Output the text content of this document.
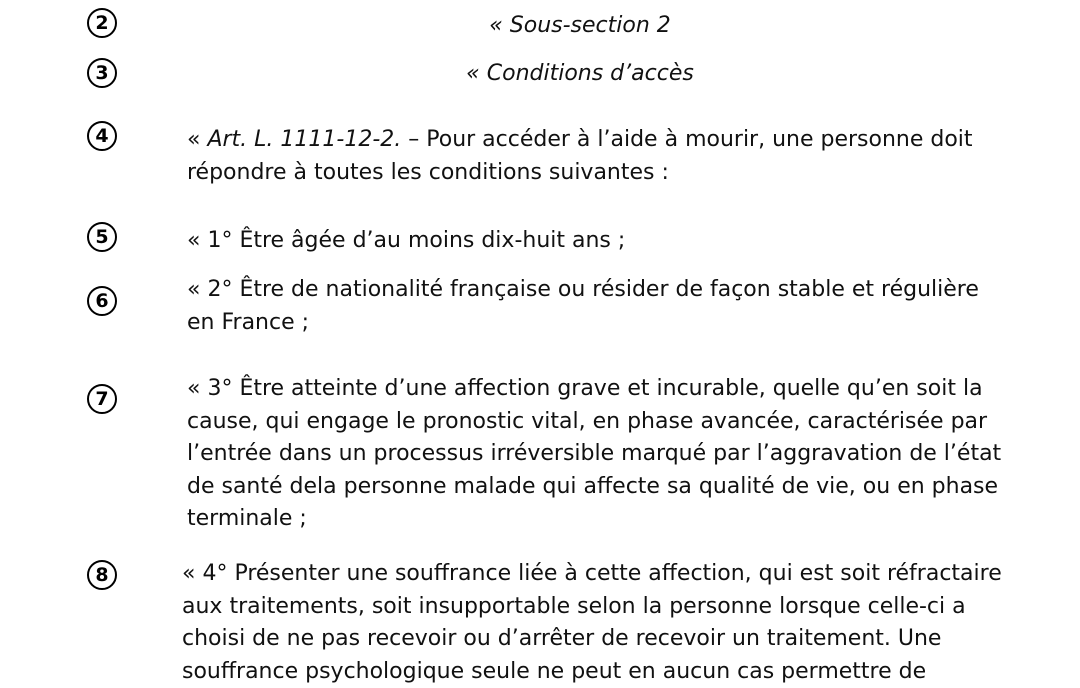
2
3
4
5
6
7
8
« Sous-section 2
« Conditions d’accès

« Art. L. 1111-12-2. – Pour accéder à l’aide à mourir, une personne doit
répondre à toutes les conditions suivantes :

« 1° Être âgée d’au moins dix-huit ans ;

« 2° Être de nationalité française ou résider de façon stable et régulière
en France ;

« 3° Être atteinte d’une affection grave et incurable, quelle qu’en soit la
cause, qui engage le pronostic vital, en phase avancée, caractérisée par
l’entrée dans un processus irréversible marqué par l’aggravation de l’état
de santé dela personne malade qui affecte sa qualité de vie, ou en phase
terminale ;

« 4° Présenter une souffrance liée à cette affection, qui est soit réfractaire
aux traitements, soit insupportable selon la personne lorsque celle-ci a
choisi de ne pas recevoir ou d’arrêter de recevoir un traitement. Une
souffrance psychologique seule ne peut en aucun cas permettre de
